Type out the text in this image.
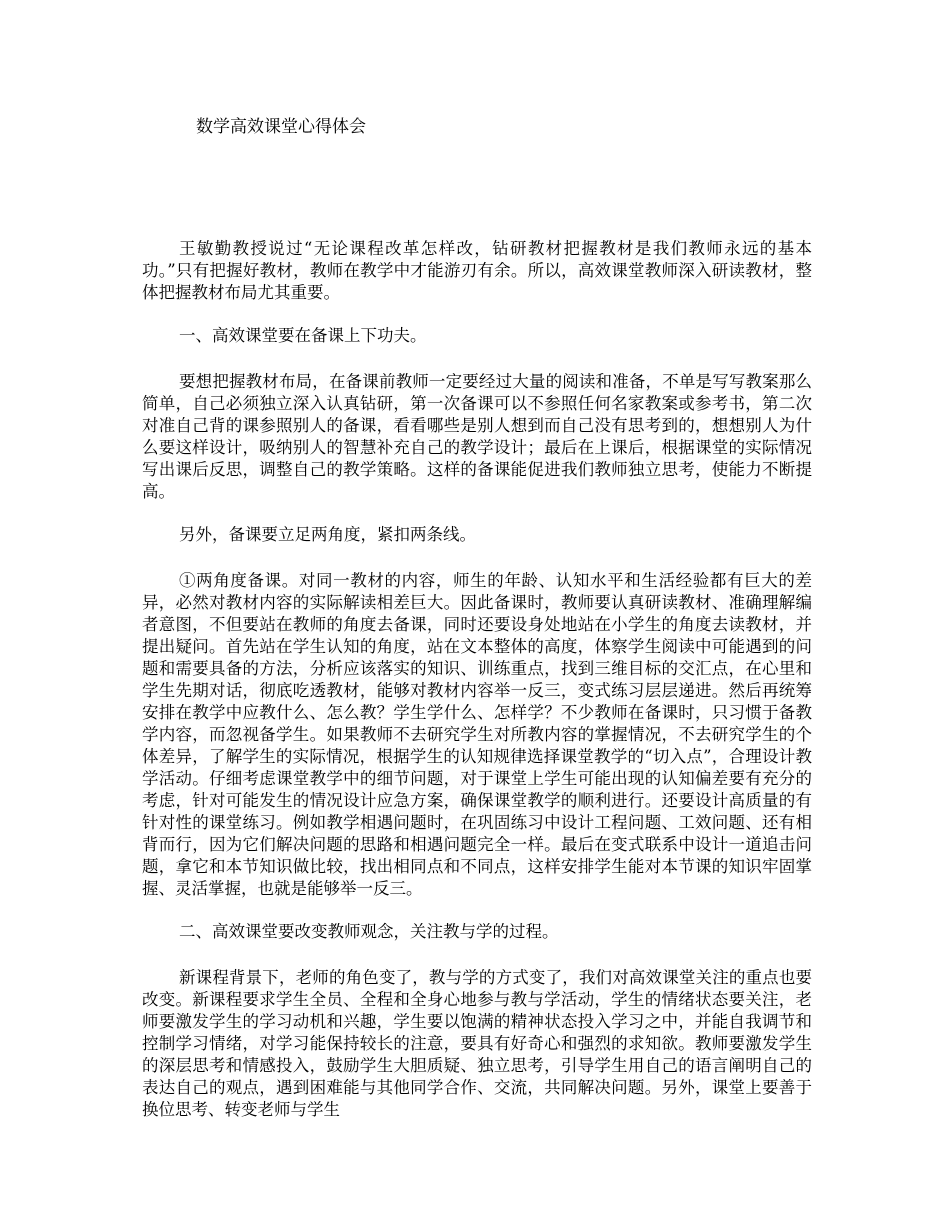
数学高效课堂心得体会

王敏勤教授说过“无论课程改革怎样改，钻研教材把握教材是我们教师永远的基本功。”只有把握好教材，教师在教学中才能游刃有余。所以，高效课堂教师深入研读教材，整体把握教材布局尤其重要。

一、高效课堂要在备课上下功夫。

要想把握教材布局，在备课前教师一定要经过大量的阅读和准备，不单是写写教案那么简单，自己必须独立深入认真钻研，第一次备课可以不参照任何名家教案或参考书，第二次对准自己背的课参照别人的备课，看看哪些是别人想到而自己没有思考到的，想想别人为什么要这样设计，吸纳别人的智慧补充自己的教学设计；最后在上课后，根据课堂的实际情况写出课后反思，调整自己的教学策略。这样的备课能促进我们教师独立思考，使能力不断提高。

另外，备课要立足两角度，紧扣两条线。

①两角度备课。对同一教材的内容，师生的年龄、认知水平和生活经验都有巨大的差异，必然对教材内容的实际解读相差巨大。因此备课时，教师要认真研读教材、准确理解编者意图，不但要站在教师的角度去备课，同时还要设身处地站在小学生的角度去读教材，并提出疑问。首先站在学生认知的角度，站在文本整体的高度，体察学生阅读中可能遇到的问题和需要具备的方法，分析应该落实的知识、训练重点，找到三维目标的交汇点，在心里和学生先期对话，彻底吃透教材，能够对教材内容举一反三，变式练习层层递进。然后再统筹安排在教学中应教什么、怎么教？学生学什么、怎样学？不少教师在备课时，只习惯于备教学内容，而忽视备学生。如果教师不去研究学生对所教内容的掌握情况，不去研究学生的个体差异，了解学生的实际情况，根据学生的认知规律选择课堂教学的“切入点”，合理设计教学活动。仔细考虑课堂教学中的细节问题，对于课堂上学生可能出现的认知偏差要有充分的考虑，针对可能发生的情况设计应急方案，确保课堂教学的顺利进行。还要设计高质量的有针对性的课堂练习。例如教学相遇问题时，在巩固练习中设计工程问题、工效问题、还有相背而行，因为它们解决问题的思路和相遇问题完全一样。最后在变式联系中设计一道追击问题，拿它和本节知识做比较，找出相同点和不同点，这样安排学生能对本节课的知识牢固掌握、灵活掌握，也就是能够举一反三。

二、高效课堂要改变教师观念，关注教与学的过程。

新课程背景下，老师的角色变了，教与学的方式变了，我们对高效课堂关注的重点也要改变。新课程要求学生全员、全程和全身心地参与教与学活动，学生的情绪状态要关注，老师要激发学生的学习动机和兴趣，学生要以饱满的精神状态投入学习之中，并能自我调节和控制学习情绪，对学习能保持较长的注意，要具有好奇心和强烈的求知欲。教师要激发学生的深层思考和情感投入，鼓励学生大胆质疑、独立思考，引导学生用自己的语言阐明自己的表达自己的观点，遇到困难能与其他同学合作、交流，共同解决问题。另外，课堂上要善于换位思考、转变老师与学生
